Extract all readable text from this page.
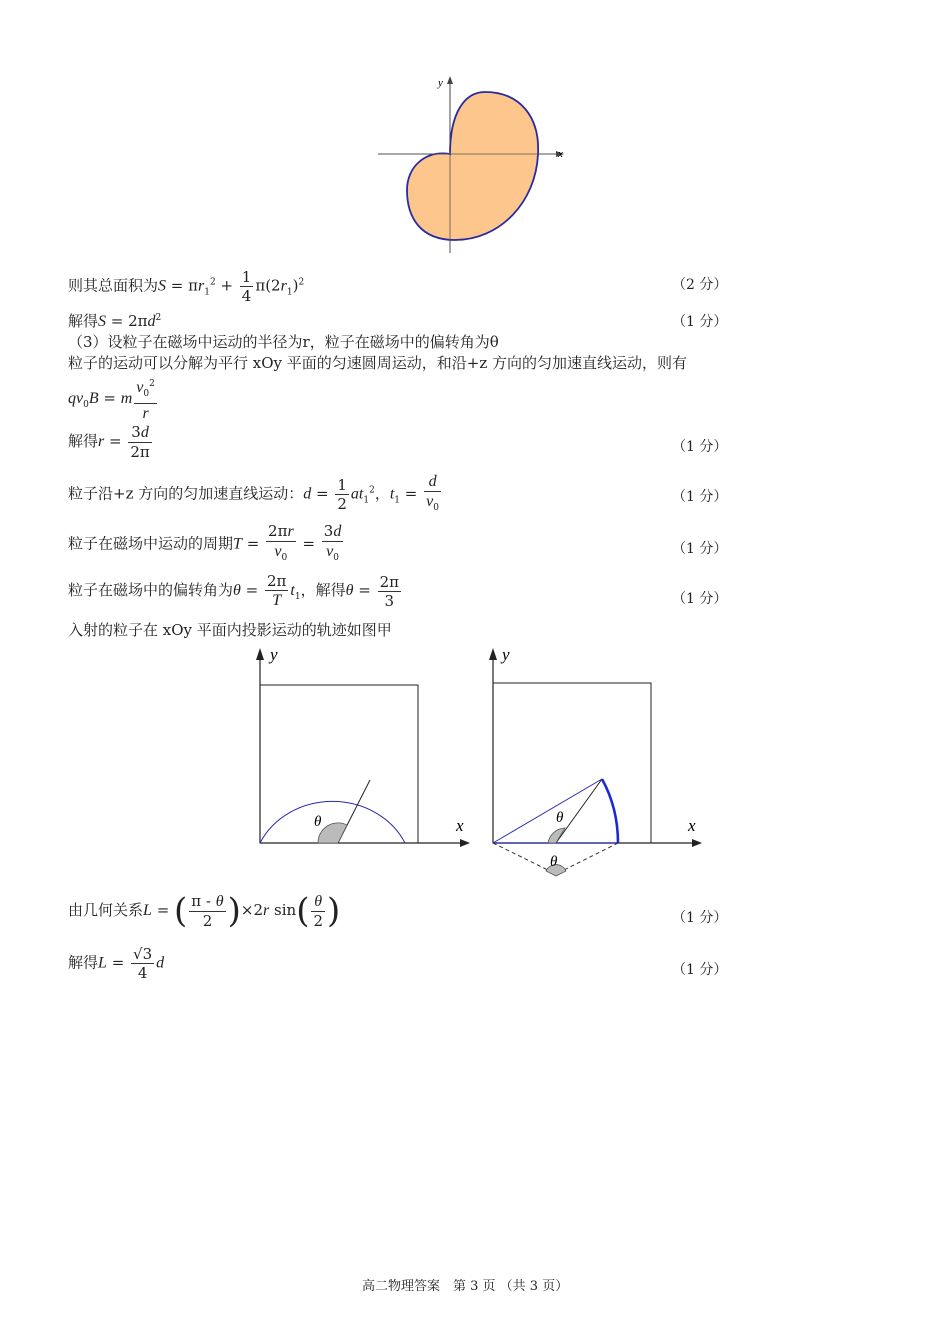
x
y
则其总面积为$S = \pi r_1^2 + \frac{1}{4} \pi(2r_1)^2$	（2 分）
解得$S = 2\pi d^2$	（1 分）
（3）设粒子在磁场中运动的半径为r，粒子在磁场中的偏转角为θ
粒子的运动可以分解为平行 xOy 平面的匀速圆周运动，和沿+z 方向的匀加速直线运动，则有
$qv_0B = m \frac{v_0^2}{r}$
解得$r = \frac{3d}{2\pi}$	（1 分）
粒子沿+z 方向的匀加速直线运动：$d = \frac{1}{2} at_1^2$，$t_1 = \frac{d}{v_0}$	（1 分）
粒子在磁场中运动的周期$T = \frac{2\pi r}{v_0} = \frac{3d}{v_0}$	（1 分）
粒子在磁场中的偏转角为$\theta = \frac{2\pi}{T} t_1$，解得$\theta = \frac{2\pi}{3}$	（1 分）
入射的粒子在 xOy 平面内投影运动的轨迹如图甲
θ	x
y
θ
θ
x
y
由几何关系L = ( $\frac{\pi - \theta}{2} )\times 2r$ $\sin( \frac{\theta}{2}$ )	（1 分）
解得$L = \frac{√3}{4}$ d	（1 分）
高二物理答案　第 3 页 （共 3 页）
